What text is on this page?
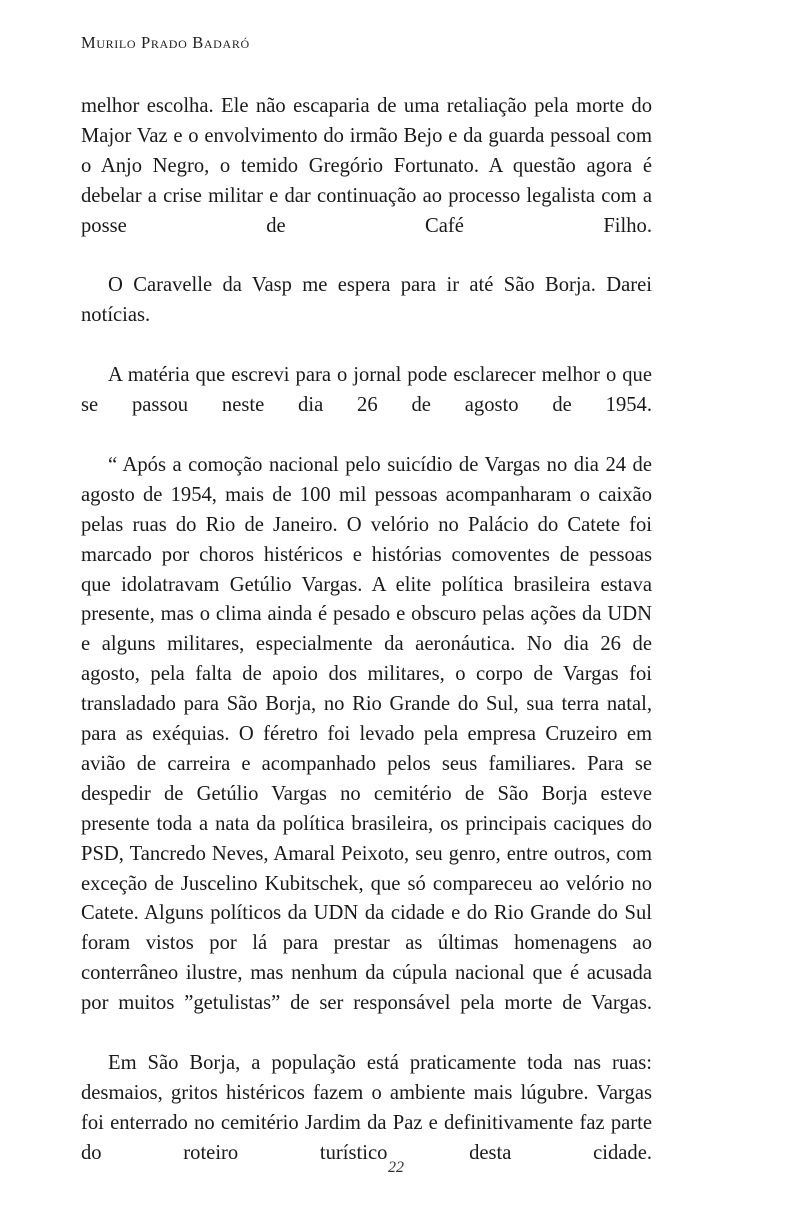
Murilo Prado Badaró

melhor escolha. Ele não escaparia de uma retaliação pela morte do Major Vaz e o envolvimento do irmão Bejo e da guarda pessoal com o Anjo Negro, o temido Gregório Fortunato. A questão agora é debelar a crise militar e dar continuação ao processo legalista com a posse de Café Filho.

O Caravelle da Vasp me espera para ir até São Borja. Darei notícias.

A matéria que escrevi para o jornal pode esclarecer melhor o que se passou neste dia 26 de agosto de 1954.

“ Após a comoção nacional pelo suicídio de Vargas no dia 24 de agosto de 1954, mais de 100 mil pessoas acompanharam o caixão pelas ruas do Rio de Janeiro. O velório no Palácio do Catete foi marcado por choros histéricos e histórias comoventes de pessoas que idolatravam Getúlio Vargas. A elite política brasileira estava presente, mas o clima ainda é pesado e obscuro pelas ações da UDN e alguns militares, especialmente da aeronáutica. No dia 26 de agosto, pela falta de apoio dos militares, o corpo de Vargas foi transladado para São Borja, no Rio Grande do Sul, sua terra natal, para as exéquias. O féretro foi levado pela empresa Cruzeiro em avião de carreira e acompanhado pelos seus familiares. Para se despedir de Getúlio Vargas no cemitério de São Borja esteve presente toda a nata da política brasileira, os principais caciques do PSD, Tancredo Neves, Amaral Peixoto, seu genro, entre outros, com exceção de Juscelino Kubitschek, que só compareceu ao velório no Catete. Alguns políticos da UDN da cidade e do Rio Grande do Sul foram vistos por lá para prestar as últimas homenagens ao conterrâneo ilustre, mas nenhum da cúpula nacional que é acusada por muitos ”getulistas” de ser responsável pela morte de Vargas.

Em São Borja, a população está praticamente toda nas ruas: desmaios, gritos histéricos fazem o ambiente mais lúgubre. Vargas foi enterrado no cemitério Jardim da Paz e definitivamente faz parte do roteiro turístico desta cidade.

22
